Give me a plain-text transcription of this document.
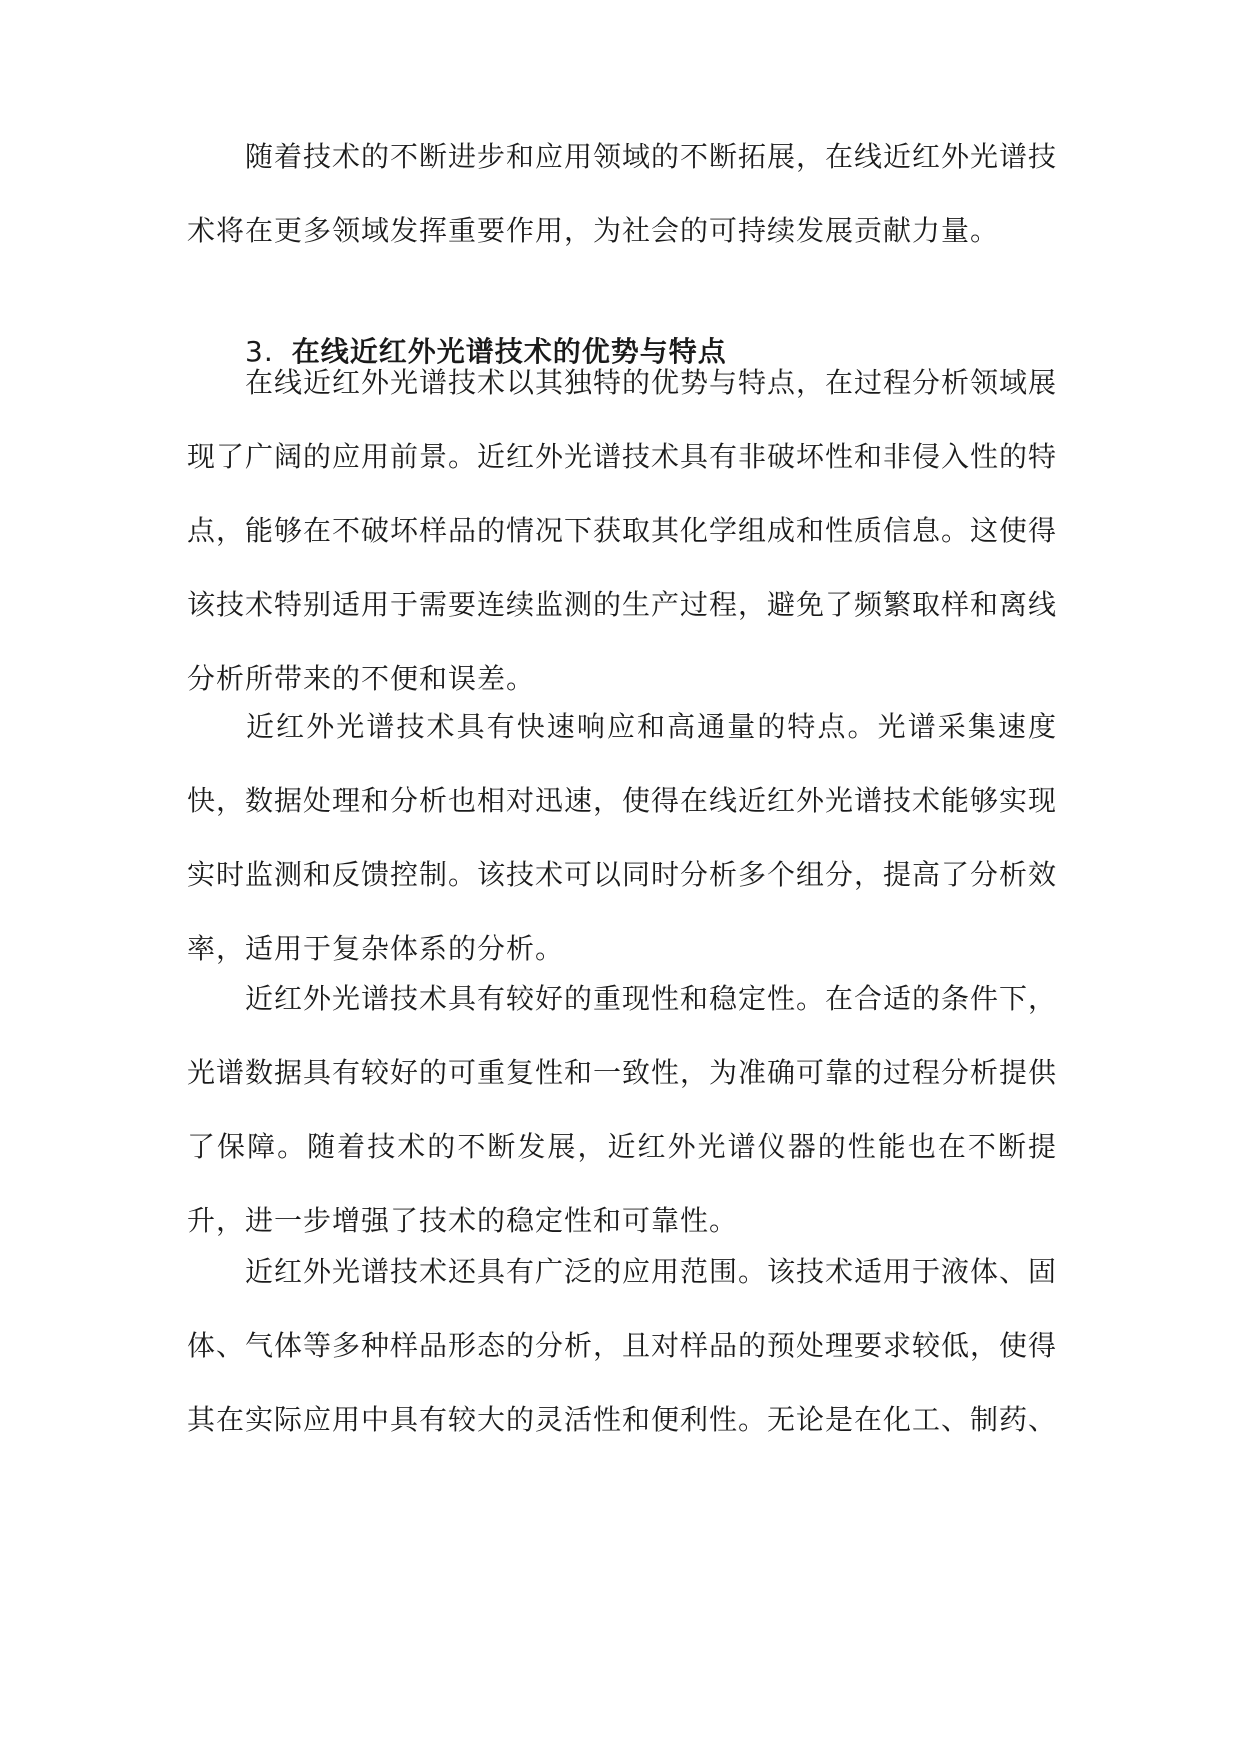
随着技术的不断进步和应用领域的不断拓展，在线近红外光谱技术将在更多领域发挥重要作用，为社会的可持续发展贡献力量。

3. 在线近红外光谱技术的优势与特点

在线近红外光谱技术以其独特的优势与特点，在过程分析领域展现了广阔的应用前景。近红外光谱技术具有非破坏性和非侵入性的特点，能够在不破坏样品的情况下获取其化学组成和性质信息。这使得该技术特别适用于需要连续监测的生产过程，避免了频繁取样和离线分析所带来的不便和误差。

近红外光谱技术具有快速响应和高通量的特点。光谱采集速度快，数据处理和分析也相对迅速，使得在线近红外光谱技术能够实现实时监测和反馈控制。该技术可以同时分析多个组分，提高了分析效率，适用于复杂体系的分析。

近红外光谱技术具有较好的重现性和稳定性。在合适的条件下，光谱数据具有较好的可重复性和一致性，为准确可靠的过程分析提供了保障。随着技术的不断发展，近红外光谱仪器的性能也在不断提升，进一步增强了技术的稳定性和可靠性。

近红外光谱技术还具有广泛的应用范围。该技术适用于液体、固体、气体等多种样品形态的分析，且对样品的预处理要求较低，使得其在实际应用中具有较大的灵活性和便利性。无论是在化工、制药、
